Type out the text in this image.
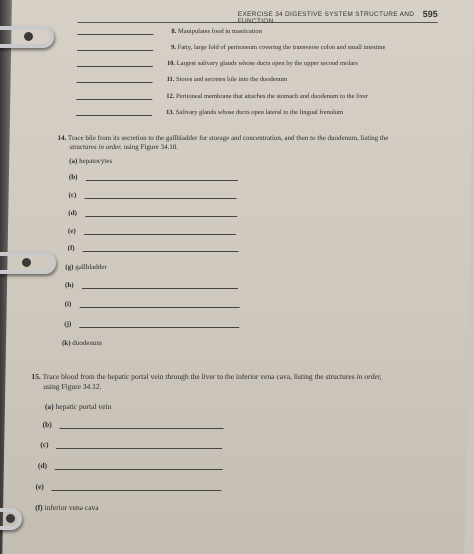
EXERCISE 34 DIGESTIVE SYSTEM STRUCTURE AND FUNCTION
595
8. Manipulates food in mastication
9. Fatty, large fold of peritoneum covering the transverse colon and small intestine
10. Largest salivary glands whose ducts open by the upper second molars
11. Stores and secretes bile into the duodenum
12. Peritoneal membrane that attaches the stomach and duodenum to the liver
13. Salivary glands whose ducts open lateral to the lingual frenulum
14. Trace bile from its secretion to the gallbladder for storage and concentration, and then to the duodenum, listing the
structures in order, using Figure 34.10.
(a) hepatocytes
(b)
(c)
(d)
(e)
(f)
(g) gallbladder
(h)
(i)
(j)
(k) duodenum
15. Trace blood from the hepatic portal vein through the liver to the inferior vena cava, listing the structures in order,
using Figure 34.12.
(a) hepatic portal vein
(b)
(c)
(d)
(e)
(f) inferior vena cava
